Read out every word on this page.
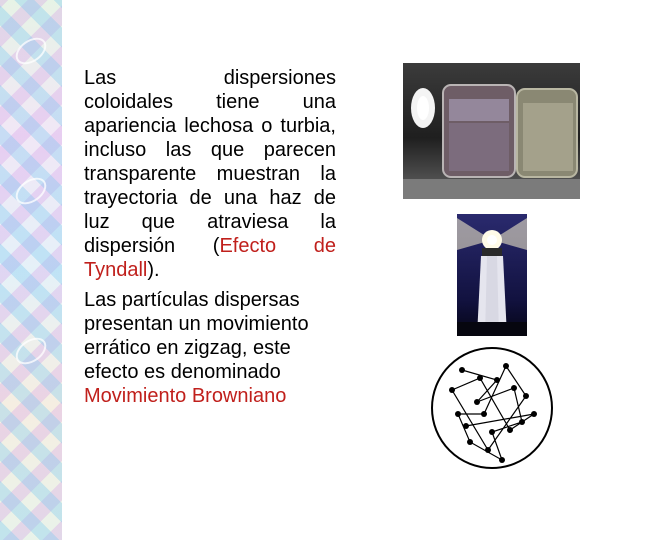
Las	dispersiones
coloidales tiene una apariencia lechosa o turbia, incluso las que parecen transparente muestran la trayectoria de una haz de luz que atraviesa la dispersión (Efecto de Tyndall).

Las partículas dispersas presentan un movimiento errático en zigzag, este efecto es denominado
Movimiento Browniano
